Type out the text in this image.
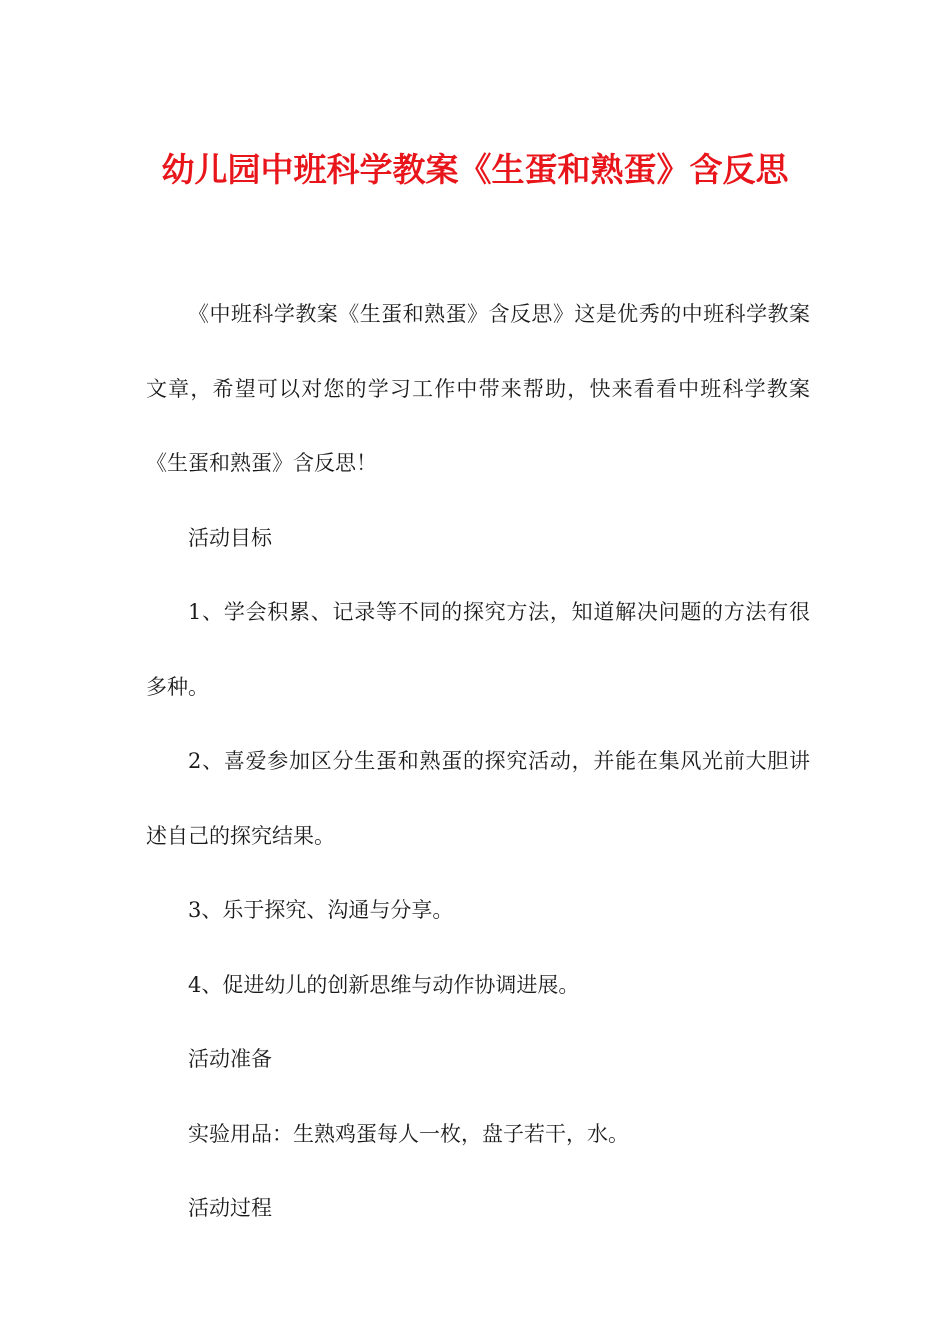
幼儿园中班科学教案《生蛋和熟蛋》含反思

《中班科学教案《生蛋和熟蛋》含反思》这是优秀的中班科学教案文章，希望可以对您的学习工作中带来帮助，快来看看中班科学教案《生蛋和熟蛋》含反思！

活动目标

1、学会积累、记录等不同的探究方法，知道解决问题的方法有很多种。

2、喜爱参加区分生蛋和熟蛋的探究活动，并能在集风光前大胆讲述自己的探究结果。

3、乐于探究、沟通与分享。

4、促进幼儿的创新思维与动作协调进展。

活动准备

实验用品：生熟鸡蛋每人一枚，盘子若干，水。

活动过程
